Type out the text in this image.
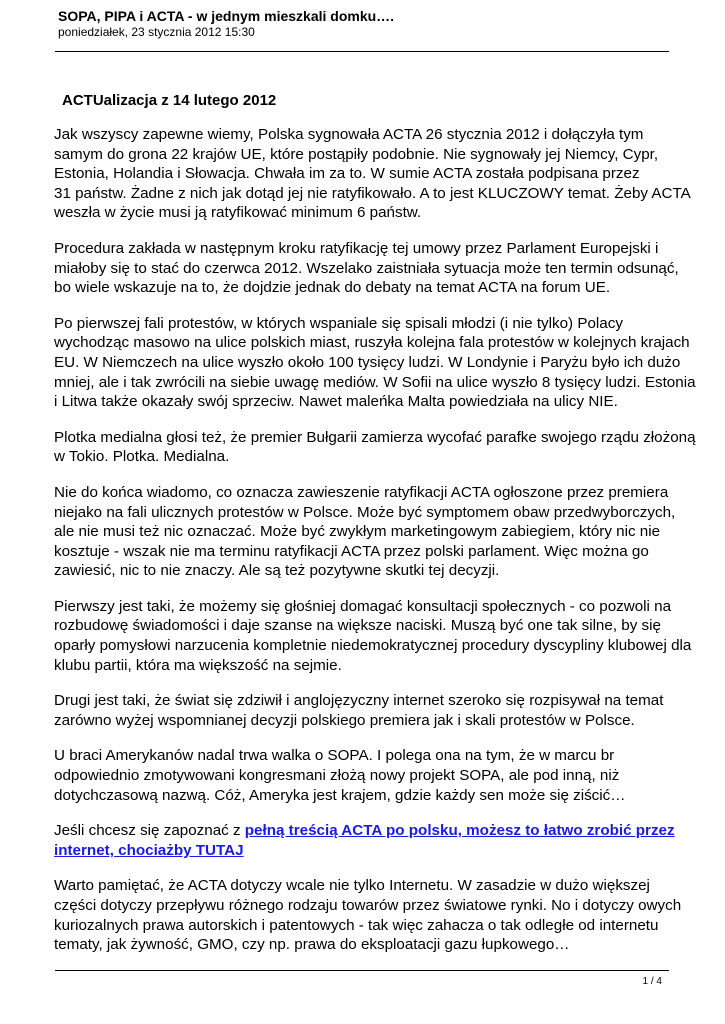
SOPA, PIPA i ACTA - w jednym mieszkali domku….
poniedziałek, 23 stycznia 2012 15:30
ACTUalizacja z 14 lutego 2012
Jak wszyscy zapewne wiemy, Polska sygnowała ACTA 26 stycznia 2012 i dołączyła tym
samym do grona 22 krajów UE, które postąpiły podobnie. Nie sygnowały jej Niemcy, Cypr,
Estonia, Holandia i Słowacja. Chwała im za to. W sumie ACTA została podpisana przez
31 państw. Żadne z nich jak dotąd jej nie ratyfikowało. A to jest KLUCZOWY temat. Żeby ACTA
weszła w życie musi ją ratyfikować minimum 6 państw.
Procedura zakłada w następnym kroku ratyfikację tej umowy przez Parlament Europejski i
miałoby się to stać do czerwca 2012. Wszelako zaistniała sytuacja może ten termin odsunąć,
bo wiele wskazuje na to, że dojdzie jednak do debaty na temat ACTA na forum UE.
Po pierwszej fali protestów, w których wspaniale się spisali młodzi (i nie tylko) Polacy
wychodząc masowo na ulice polskich miast, ruszyła kolejna fala protestów w kolejnych krajach
EU. W Niemczech na ulice wyszło około 100 tysięcy ludzi. W Londynie i Paryżu było ich dużo
mniej, ale i tak zwrócili na siebie uwagę mediów. W Sofii na ulice wyszło 8 tysięcy ludzi. Estonia
i Litwa także okazały swój sprzeciw. Nawet maleńka Malta powiedziała na ulicy NIE.
Plotka medialna głosi też, że premier Bułgarii zamierza wycofać parafke swojego rządu złożoną
w Tokio. Plotka. Medialna.
Nie do końca wiadomo, co oznacza zawieszenie ratyfikacji ACTA ogłoszone przez premiera
niejako na fali ulicznych protestów w Polsce. Może być symptomem obaw przedwyborczych,
ale nie musi też nic oznaczać. Może być zwykłym marketingowym zabiegiem, który nic nie
kosztuje - wszak nie ma terminu ratyfikacji ACTA przez polski parlament. Więc można go
zawiesić, nic to nie znaczy. Ale są też pozytywne skutki tej decyzji.
Pierwszy jest taki, że możemy się głośniej domagać konsultacji społecznych - co pozwoli na
rozbudowę świadomości i daje szanse na większe naciski. Muszą być one tak silne, by się
oparły pomysłowi narzucenia kompletnie niedemokratycznej procedury dyscypliny klubowej dla
klubu partii, która ma większość na sejmie.
Drugi jest taki, że świat się zdziwił i anglojęzyczny internet szeroko się rozpisywał na temat
zarówno wyżej wspomnianej decyzji polskiego premiera jak i skali protestów w Polsce.
U braci Amerykanów nadal trwa walka o SOPA. I polega ona na tym, że w marcu br
odpowiednio zmotywowani kongresmani złożą nowy projekt SOPA, ale pod inną, niż
dotychczasową nazwą. Cóż, Ameryka jest krajem, gdzie każdy sen może się ziścić…
Jeśli chcesz się zapoznać z pełną treścią ACTA po polsku, możesz to łatwo zrobić przez
internet, chociażby TUTAJ
Warto pamiętać, że ACTA dotyczy wcale nie tylko Internetu. W zasadzie w dużo większej
części dotyczy przepływu różnego rodzaju towarów przez światowe rynki. No i dotyczy owych
kuriozalnych prawa autorskich i patentowych - tak więc zahacza o tak odległe od internetu
tematy, jak żywność, GMO, czy np. prawa do eksploatacji gazu łupkowego…
1 / 4
